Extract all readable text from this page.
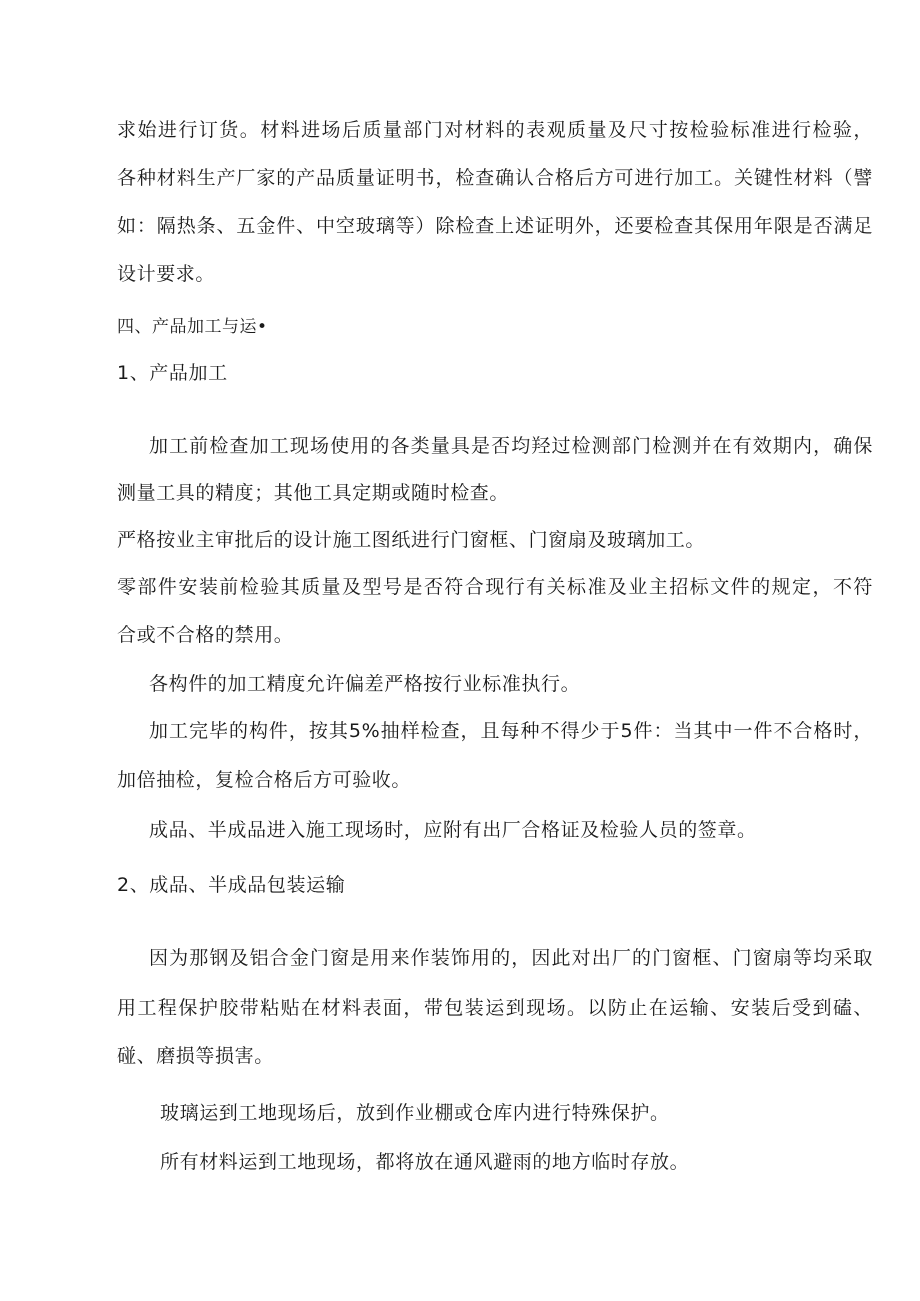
求始进行订货。材料进场后质量部门对材料的表观质量及尺寸按检验标准进行检验，
各种材料生产厂家的产品质量证明书，检查确认合格后方可进行加工。关键性材料（譬
如：隔热条、五金件、中空玻璃等）除检查上述证明外，还要检查其保用年限是否满足
设计要求。
四、产品加工与运•
1、产品加工
加工前检查加工现场使用的各类量具是否均羟过检测部门检测并在有效期内，确保
测量工具的精度；其他工具定期或随时检查。
严格按业主审批后的设计施工图纸进行门窗框、门窗扇及玻璃加工。
零部件安装前检验其质量及型号是否符合现行有关标准及业主招标文件的规定，不符
合或不合格的禁用。
各构件的加工精度允许偏差严格按行业标准执行。
加工完毕的构件，按其5%抽样检查，且每种不得少于5件：当其中一件不合格时，
加倍抽检，复检合格后方可验收。
成品、半成品进入施工现场时，应附有出厂合格证及检验人员的签章。
2、成品、半成品包装运输
因为那钢及铝合金门窗是用来作装饰用的，因此对出厂的门窗框、门窗扇等均采取
用工程保护胶带粘贴在材料表面，带包装运到现场。以防止在运输、安装后受到磕、
碰、磨损等损害。
玻璃运到工地现场后，放到作业棚或仓库内进行特殊保护。
所有材料运到工地现场，都将放在通风避雨的地方临时存放。
